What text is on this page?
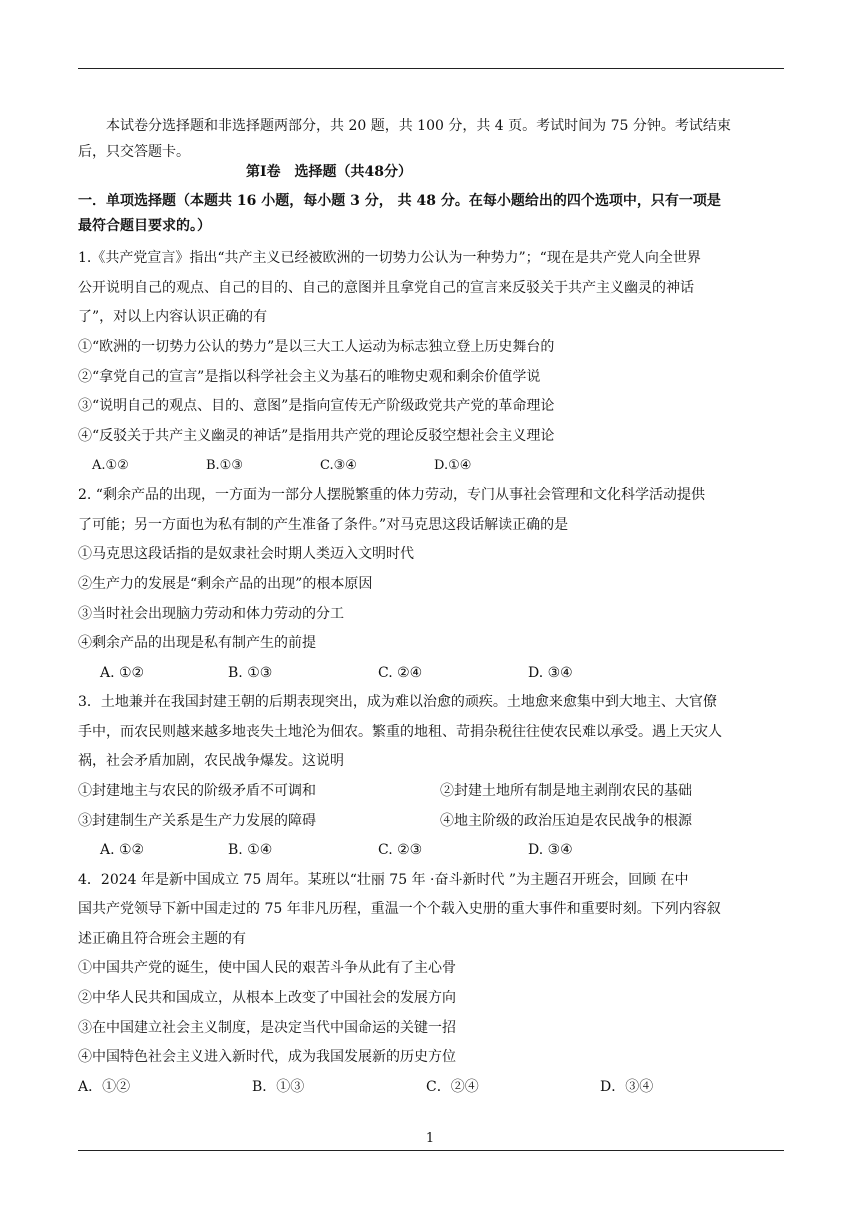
本试卷分选择题和非选择题两部分，共 20 题，共 100 分，共 4 页。考试时间为 75 分钟。考试结束
后，只交答题卡。
第Ⅰ卷　选择题（共48分）
一．单项选择题（本题共 16 小题，每小题 3 分， 共 48 分。在每小题给出的四个选项中，只有一项是
最符合题目要求的。）
1.《共产党宣言》指出“共产主义已经被欧洲的一切势力公认为一种势力”；“现在是共产党人向全世界
公开说明自己的观点、自己的目的、自己的意图并且拿党自己的宣言来反驳关于共产主义幽灵的神话
了”，对以上内容认识正确的有
①“欧洲的一切势力公认的势力”是以三大工人运动为标志独立登上历史舞台的
②“拿党自己的宣言”是指以科学社会主义为基石的唯物史观和剩余价值学说
③“说明自己的观点、目的、意图”是指向宣传无产阶级政党共产党的革命理论
④“反驳关于共产主义幽灵的神话”是指用共产党的理论反驳空想社会主义理论
A.①②	B.①③	C.③④	D.①④
2. “剩余产品的出现，一方面为一部分人摆脱繁重的体力劳动，专门从事社会管理和文化科学活动提供
了可能；另一方面也为私有制的产生准备了条件。”对马克思这段话解读正确的是
①马克思这段话指的是奴隶社会时期人类迈入文明时代
②生产力的发展是“剩余产品的出现”的根本原因
③当时社会出现脑力劳动和体力劳动的分工
④剩余产品的出现是私有制产生的前提
A. ①②	B. ①③	C. ②④	D. ③④
3．土地兼并在我国封建王朝的后期表现突出，成为难以治愈的顽疾。土地愈来愈集中到大地主、大官僚
手中，而农民则越来越多地丧失土地沦为佃农。繁重的地租、苛捐杂税往往使农民难以承受。遇上天灾人
祸，社会矛盾加剧，农民战争爆发。这说明
①封建地主与农民的阶级矛盾不可调和	②封建土地所有制是地主剥削农民的基础
③封建制生产关系是生产力发展的障碍	④地主阶级的政治压迫是农民战争的根源
A. ①②	B. ①④	C. ②③	D. ③④
4．2024 年是新中国成立 75 周年。某班以“壮丽 75 年 ·奋斗新时代 ”为主题召开班会，回顾 在中
国共产党领导下新中国走过的 75 年非凡历程，重温一个个载入史册的重大事件和重要时刻。下列内容叙
述正确且符合班会主题的有
①中国共产党的诞生，使中国人民的艰苦斗争从此有了主心骨
②中华人民共和国成立，从根本上改变了中国社会的发展方向
③在中国建立社会主义制度，是决定当代中国命运的关键一招
④中国特色社会主义进入新时代，成为我国发展新的历史方位
A．①②	B．①③	C．②④	D．③④
1
